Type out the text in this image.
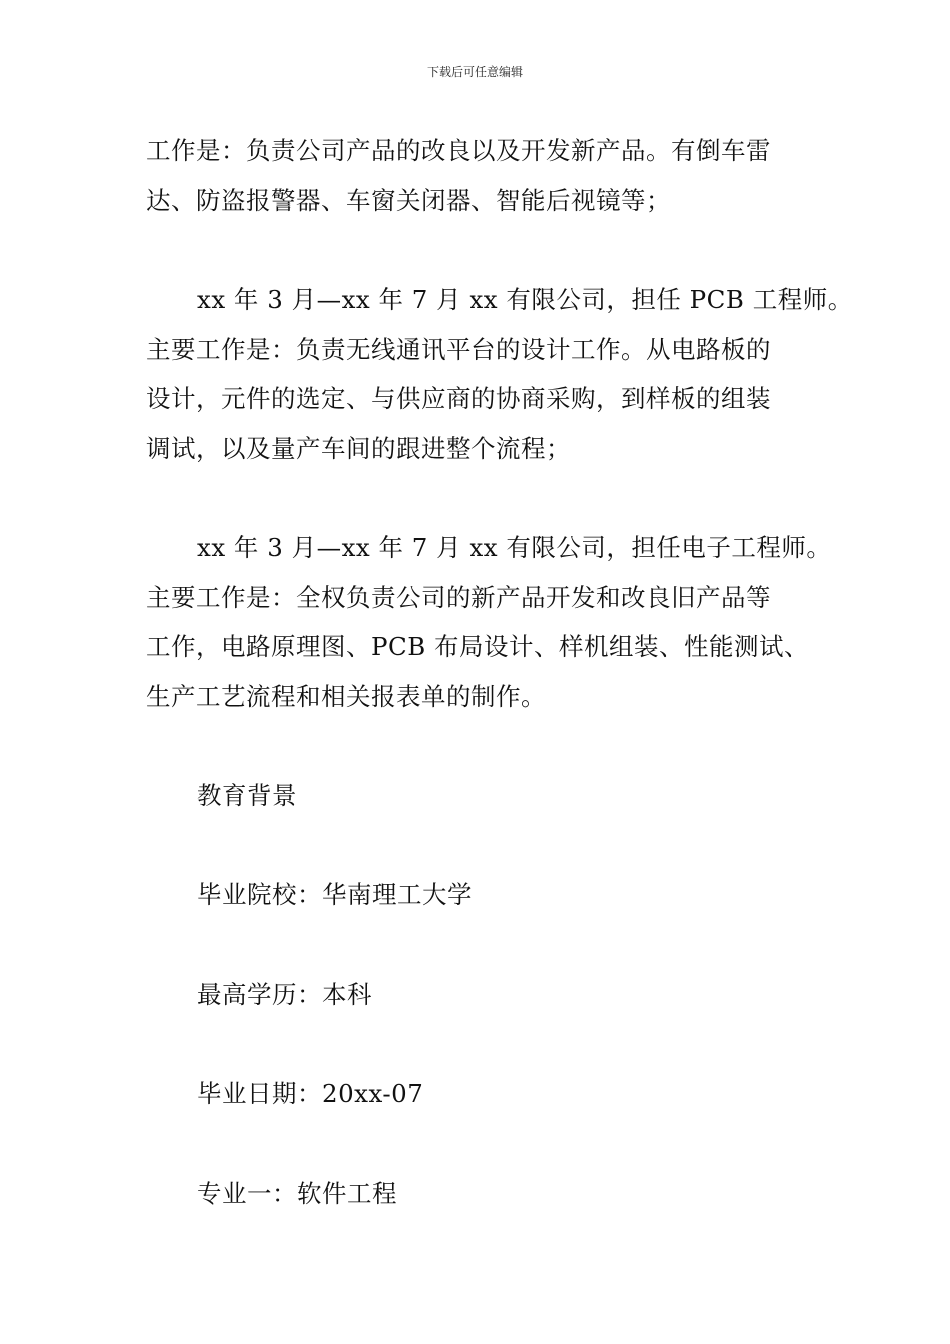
下载后可任意编辑
工作是：负责公司产品的改良以及开发新产品。有倒车雷
达、防盗报警器、车窗关闭器、智能后视镜等；
xx 年 3 月—xx 年 7 月 xx 有限公司，担任 PCB 工程师。
主要工作是：负责无线通讯平台的设计工作。从电路板的
设计，元件的选定、与供应商的协商采购，到样板的组装
调试，以及量产车间的跟进整个流程；
xx 年 3 月—xx 年 7 月 xx 有限公司，担任电子工程师。
主要工作是：全权负责公司的新产品开发和改良旧产品等
工作，电路原理图、PCB 布局设计、样机组装、性能测试、
生产工艺流程和相关报表单的制作。
教育背景
毕业院校：华南理工大学
最高学历：本科
毕业日期：20xx-07
专业一：软件工程
